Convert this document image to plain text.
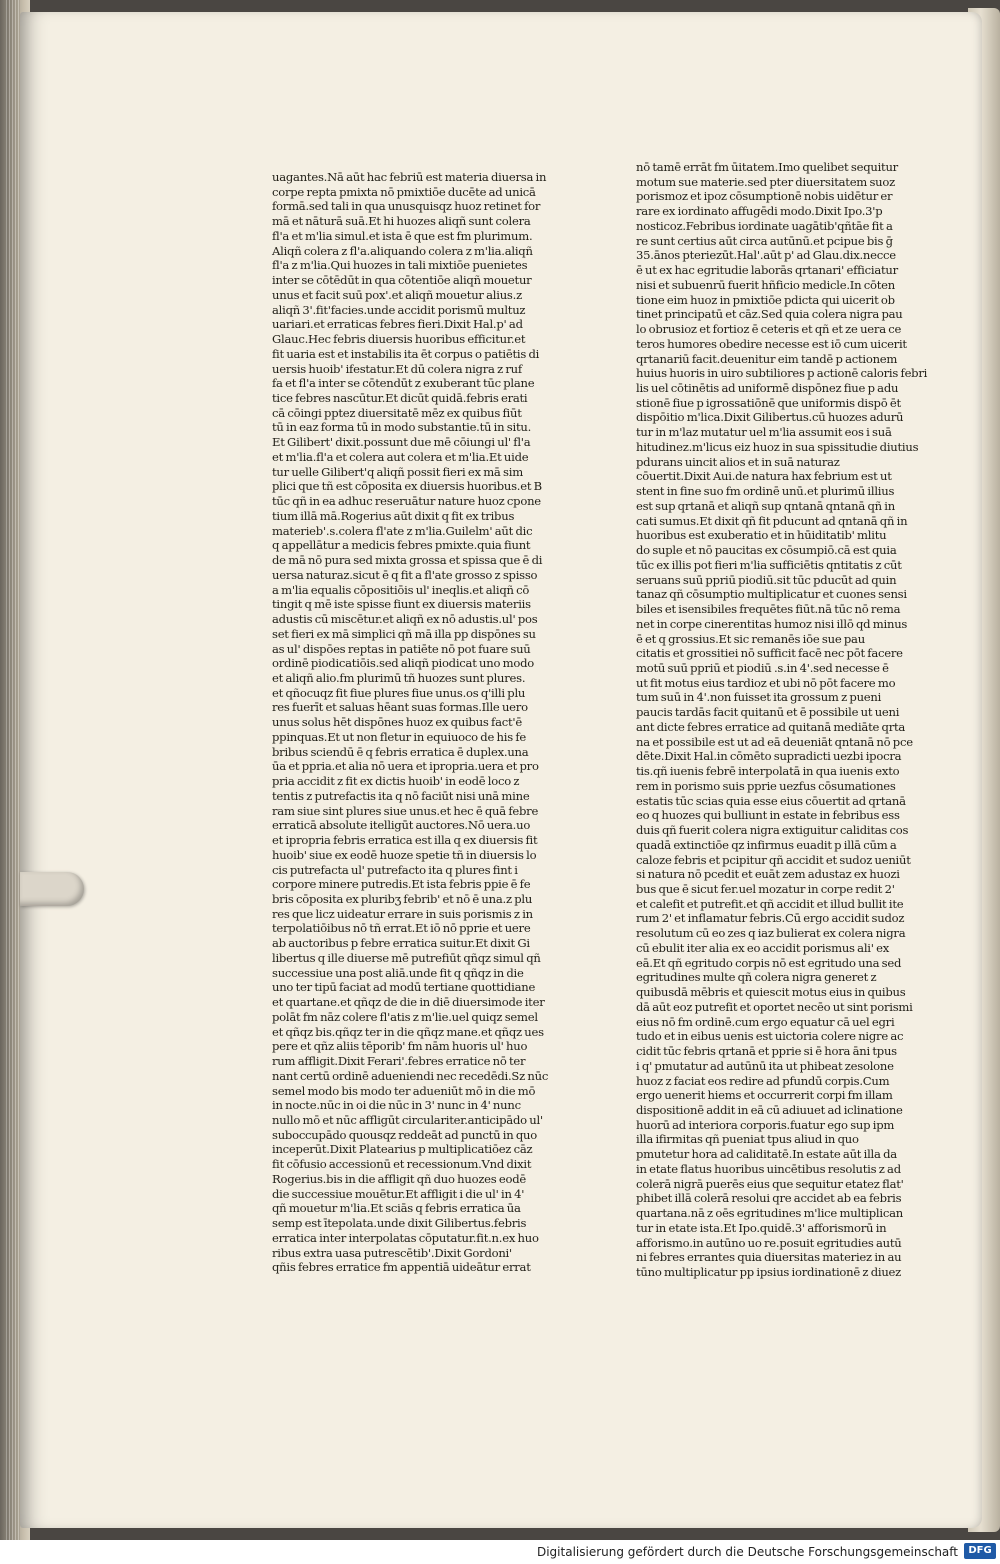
uagantes.Nā aūt hac febriū est materia diuersa in
corpe repta pmixta nō pmixtiōe ducēte ad unicā
formā.sed tali in qua unusquisqz huoz retinet for
mā et nāturā suā.Et hi huozes aliqñ sunt colera
fl'a et m'lia simul.et ista ē que est fm plurimum.
Aliqñ colera z fl'a.aliquando colera z m'lia.aliqñ
fl'a z m'lia.Qui huozes in tali mixtiōe puenietes
inter se cōtēdūt in qua cōtentiōe aliqñ mouetur
unus et facit suū pox'.et aliqñ mouetur alius.z
aliqñ 3'.fit'facies.unde accidit porismū multuz
uariari.et erraticas febres fieri.Dixit Hal.p' ad
Glauc.Hec febris diuersis huoribus efficitur.et
fit uaria est et instabilis ita ēt corpus o patiētis di
uersis huoib' ifestatur.Et dū colera nigra z ruf
fa et fl'a inter se cōtendūt z exuberant tūc plane
tice febres nascūtur.Et dicūt quidā.febris erati
cā cōingi pptez diuersitatē mēz ex quibus fiūt
tū in eaz forma tū in modo substantie.tū in situ.
Et Gilibert' dixit.possunt due mē cōiungi ul' fl'a
et m'lia.fl'a et colera aut colera et m'lia.Et uide
tur uelle Gilibert'q aliqñ possit fieri ex mā sim
plici que tñ est cōposita ex diuersis huoribus.et B
tūc qñ in ea adhuc reseruātur nature huoz cpone
tium illā mā.Rogerius aūt dixit q fit ex tribus
materieb'.s.colera fl'ate z m'lia.Guilelm' aūt dic
q appellātur a medicis febres pmixte.quia fiunt
de mā nō pura sed mixta grossa et spissa que ē di
uersa naturaz.sicut ē q fit a fl'ate grosso z spisso
a m'lia equalis cōpositiōis ul' ineqlis.et aliqñ cō
tingit q mē iste spisse fiunt ex diuersis materiis
adustis cū miscētur.et aliqñ ex nō adustis.ul' pos
set fieri ex mā simplici qñ mā illa pp dispōnes su
as ul' dispōes reptas in patiēte nō pot fuare suū
ordinē piodicatiōis.sed aliqñ piodicat uno modo
et aliqñ alio.fm plurimū tñ huozes sunt plures.
et qñocuqz fit fiue plures fiue unus.os q'illi plu
res fuerīt et saluas hēant suas formas.Ille uero
unus solus hēt dispōnes huoz ex quibus fact'ē
ppinquas.Et ut non fletur in equiuoco de his fe
bribus sciendū ē q febris erratica ē duplex.una
ūa et ppria.et alia nō uera et ipropria.uera et pro
pria accidit z fit ex dictis huoib' in eodē loco z
tentis z putrefactis ita q nō faciūt nisi unā mine
ram siue sint plures siue unus.et hec ē quā febre
erraticā absolute itelligūt auctores.Nō uera.uo
et ipropria febris erratica est illa q ex diuersis fit
huoib' siue ex eodē huoze spetie tñ in diuersis lo
cis putrefacta ul' putrefacto ita q plures fint i
corpore minere putredis.Et ista febris ppie ē fe
bris cōposita ex pluribʒ febrib' et nō ē una.z plu
res que licz uideatur errare in suis porismis z in
terpolatiōibus nō tñ errat.Et iō nō pprie et uere
ab auctoribus p febre erratica suitur.Et dixit Gi
libertus q ille diuerse mē putrefiūt qñqz simul qñ
successiue una post aliā.unde fit q qñqz in die
uno ter tipū faciat ad modū tertiane quottidiane
et quartane.et qñqz de die in diē diuersimode iter
polāt fm nāz colere fl'atis z m'lie.uel quiqz semel
et qñqz bis.qñqz ter in die qñqz mane.et qñqz ues
pere et qñz aliis tēporib' fm nām huoris ul' huo
rum affligit.Dixit Ferari'.febres erratice nō ter
nant certū ordinē adueniendi nec recedēdi.Sz nūc
semel modo bis modo ter adueniūt mō in die mō
in nocte.nūc in oi die nūc in 3' nunc in 4' nunc
nullo mō et nūc affligūt circulariter.anticipādo ul'
suboccupādo quousqz reddeāt ad punctū in quo
inceperūt.Dixit Platearius p multiplicatiōez cāz
fit cōfusio accessionū et recessionum.Vnd dixit
Rogerius.bis in die affligit qñ duo huozes eodē
die successiue mouētur.Et affligit i die ul' in 4'
qñ mouetur m'lia.Et sciās q febris erratica ūa
semp est ītepolata.unde dixit Gilibertus.febris
erratica inter interpolatas cōputatur.fit.n.ex huo
ribus extra uasa putrescētib'.Dixit Gordoni'
qñis febres erratice fm appentiā uideātur errat
nō tamē errāt fm ūitatem.Imo quelibet sequitur
motum sue materie.sed pter diuersitatem suoz
porismoz et ipoz cōsumptionē nobis uidētur er
rare ex iordinato affugēdi modo.Dixit Ipo.3'p
nosticoz.Febribus iordinate uagātib'qñtāe fit a
re sunt certius aūt circa autūnū.et pcipue bis ḡ
35.ānos pteriezūt.Hal'.aūt p' ad Glau.dix.necce
ē ut ex hac egritudie laborās qrtanari' efficiatur
nisi et subuenrū fuerit hñficio medicle.In cōten
tione eim huoz in pmixtiōe pdicta qui uicerit ob
tinet principatū et cāz.Sed quia colera nigra pau
lo obrusioz et fortioz ē ceteris et qñ et ze uera ce
teros humores obedire necesse est iō cum uicerit
qrtanariū facit.deuenitur eim tandē p actionem
huius huoris in uiro subtiliores p actionē caloris febri
lis uel cōtinētis ad uniformē dispōnez fiue p adu
stionē fiue p igrossatiōnē que uniformis dispō ēt
dispōitio m'lica.Dixit Gilibertus.cū huozes adurū
tur in m'laz mutatur uel m'lia assumit eos i suā
hitudinez.m'licus eiz huoz in sua spissitudie diutius
pdurans uincit alios et in suā naturaz
cōuertit.Dixit Aui.de natura hax febrium est ut
stent in fine suo fm ordinē unū.et plurimū illius
est sup qrtanā et aliqñ sup qntanā qntanā qñ in
cati sumus.Et dixit qñ fit pducunt ad qntanā qñ in
huoribus est exuberatio et in hūiditatib' mlitu
do suple et nō paucitas ex cōsumpiō.cā est quia
tūc ex illis pot fieri m'lia sufficiētis qntitatis z cūt
seruans suū ppriū piodiū.sit tūc pducūt ad quin
tanaz qñ cōsumptio multiplicatur et cuones sensi
biles et isensibiles frequētes fiūt.nā tūc nō rema
net in corpe cinerentitas humoz nisi illō qd minus
ē et q grossius.Et sic remanēs iōe sue pau
citatis et grossitiei nō sufficit facē nec pōt facere
motū suū ppriū et piodiū .s.in 4'.sed necesse ē
ut fit motus eius tardioz et ubi nō pōt facere mo
tum suū in 4'.non fuisset ita grossum z pueni
paucis tardās facit quitanū et ē possibile ut ueni
ant dicte febres erratice ad quitanā mediāte qrta
na et possibile est ut ad eā deueniāt qntanā nō pce
dēte.Dixit Hal.in cōmēto supradicti uezbi ipocra
tis.qñ iuenis febrē interpolatā in qua iuenis exto
rem in porismo suis pprie uezfus cōsumationes
estatis tūc scias quia esse eius cōuertit ad qrtanā
eo q huozes qui bulliunt in estate in febribus ess
duis qñ fuerit colera nigra extiguitur caliditas cos
quadā extinctiōe qz infirmus euadit p illā cūm a
caloze febris et pcipitur qñ accidit et sudoz ueniūt
si natura nō pcedit et euāt zem adustaz ex huozi
bus que ē sicut fer.uel mozatur in corpe redit 2'
et calefit et putrefit.et qñ accidit et illud bullit ite
rum 2' et inflamatur febris.Cū ergo accidit sudoz
resolutum cū eo zes q iaz bulierat ex colera nigra
cū ebulit iter alia ex eo accidit porismus ali' ex
eā.Et qñ egritudo corpis nō est egritudo una sed
egritudines multe qñ colera nigra generet z
quibusdā mēbris et quiescit motus eius in quibus
dā aūt eoz putrefit et oportet necēo ut sint porismi
eius nō fm ordinē.cum ergo equatur cā uel egri
tudo et in eibus uenis est uictoria colere nigre ac
cidit tūc febris qrtanā et pprie si ē hora āni tpus
i q' pmutatur ad autūnū ita ut phibeat zesolone
huoz z faciat eos redire ad pfundū corpis.Cum
ergo uenerit hiems et occurrerit corpi fm illam
dispositionē addit in eā cū adiuuet ad iclinatione
huorū ad interiora corporis.fuatur ego sup ipm
illa ifirmitas qñ pueniat tpus aliud in quo
pmutetur hora ad caliditatē.In estate aūt illa da
in etate flatus huoribus uincētibus resolutis z ad
colerā nigrā puerēs eius que sequitur etatez flat'
phibet illā colerā resolui qre accidet ab ea febris
quartana.nā z oēs egritudines m'lice multiplican
tur in etate ista.Et Ipo.quidē.3' afforismorū in
afforismo.in autūno uo re.posuit egritudies autū
ni febres errantes quia diuersitas materiez in au
tūno multiplicatur pp ipsius iordinationē z diuez
Digitalisierung gefördert durch die Deutsche Forschungsgemeinschaft	DFG
